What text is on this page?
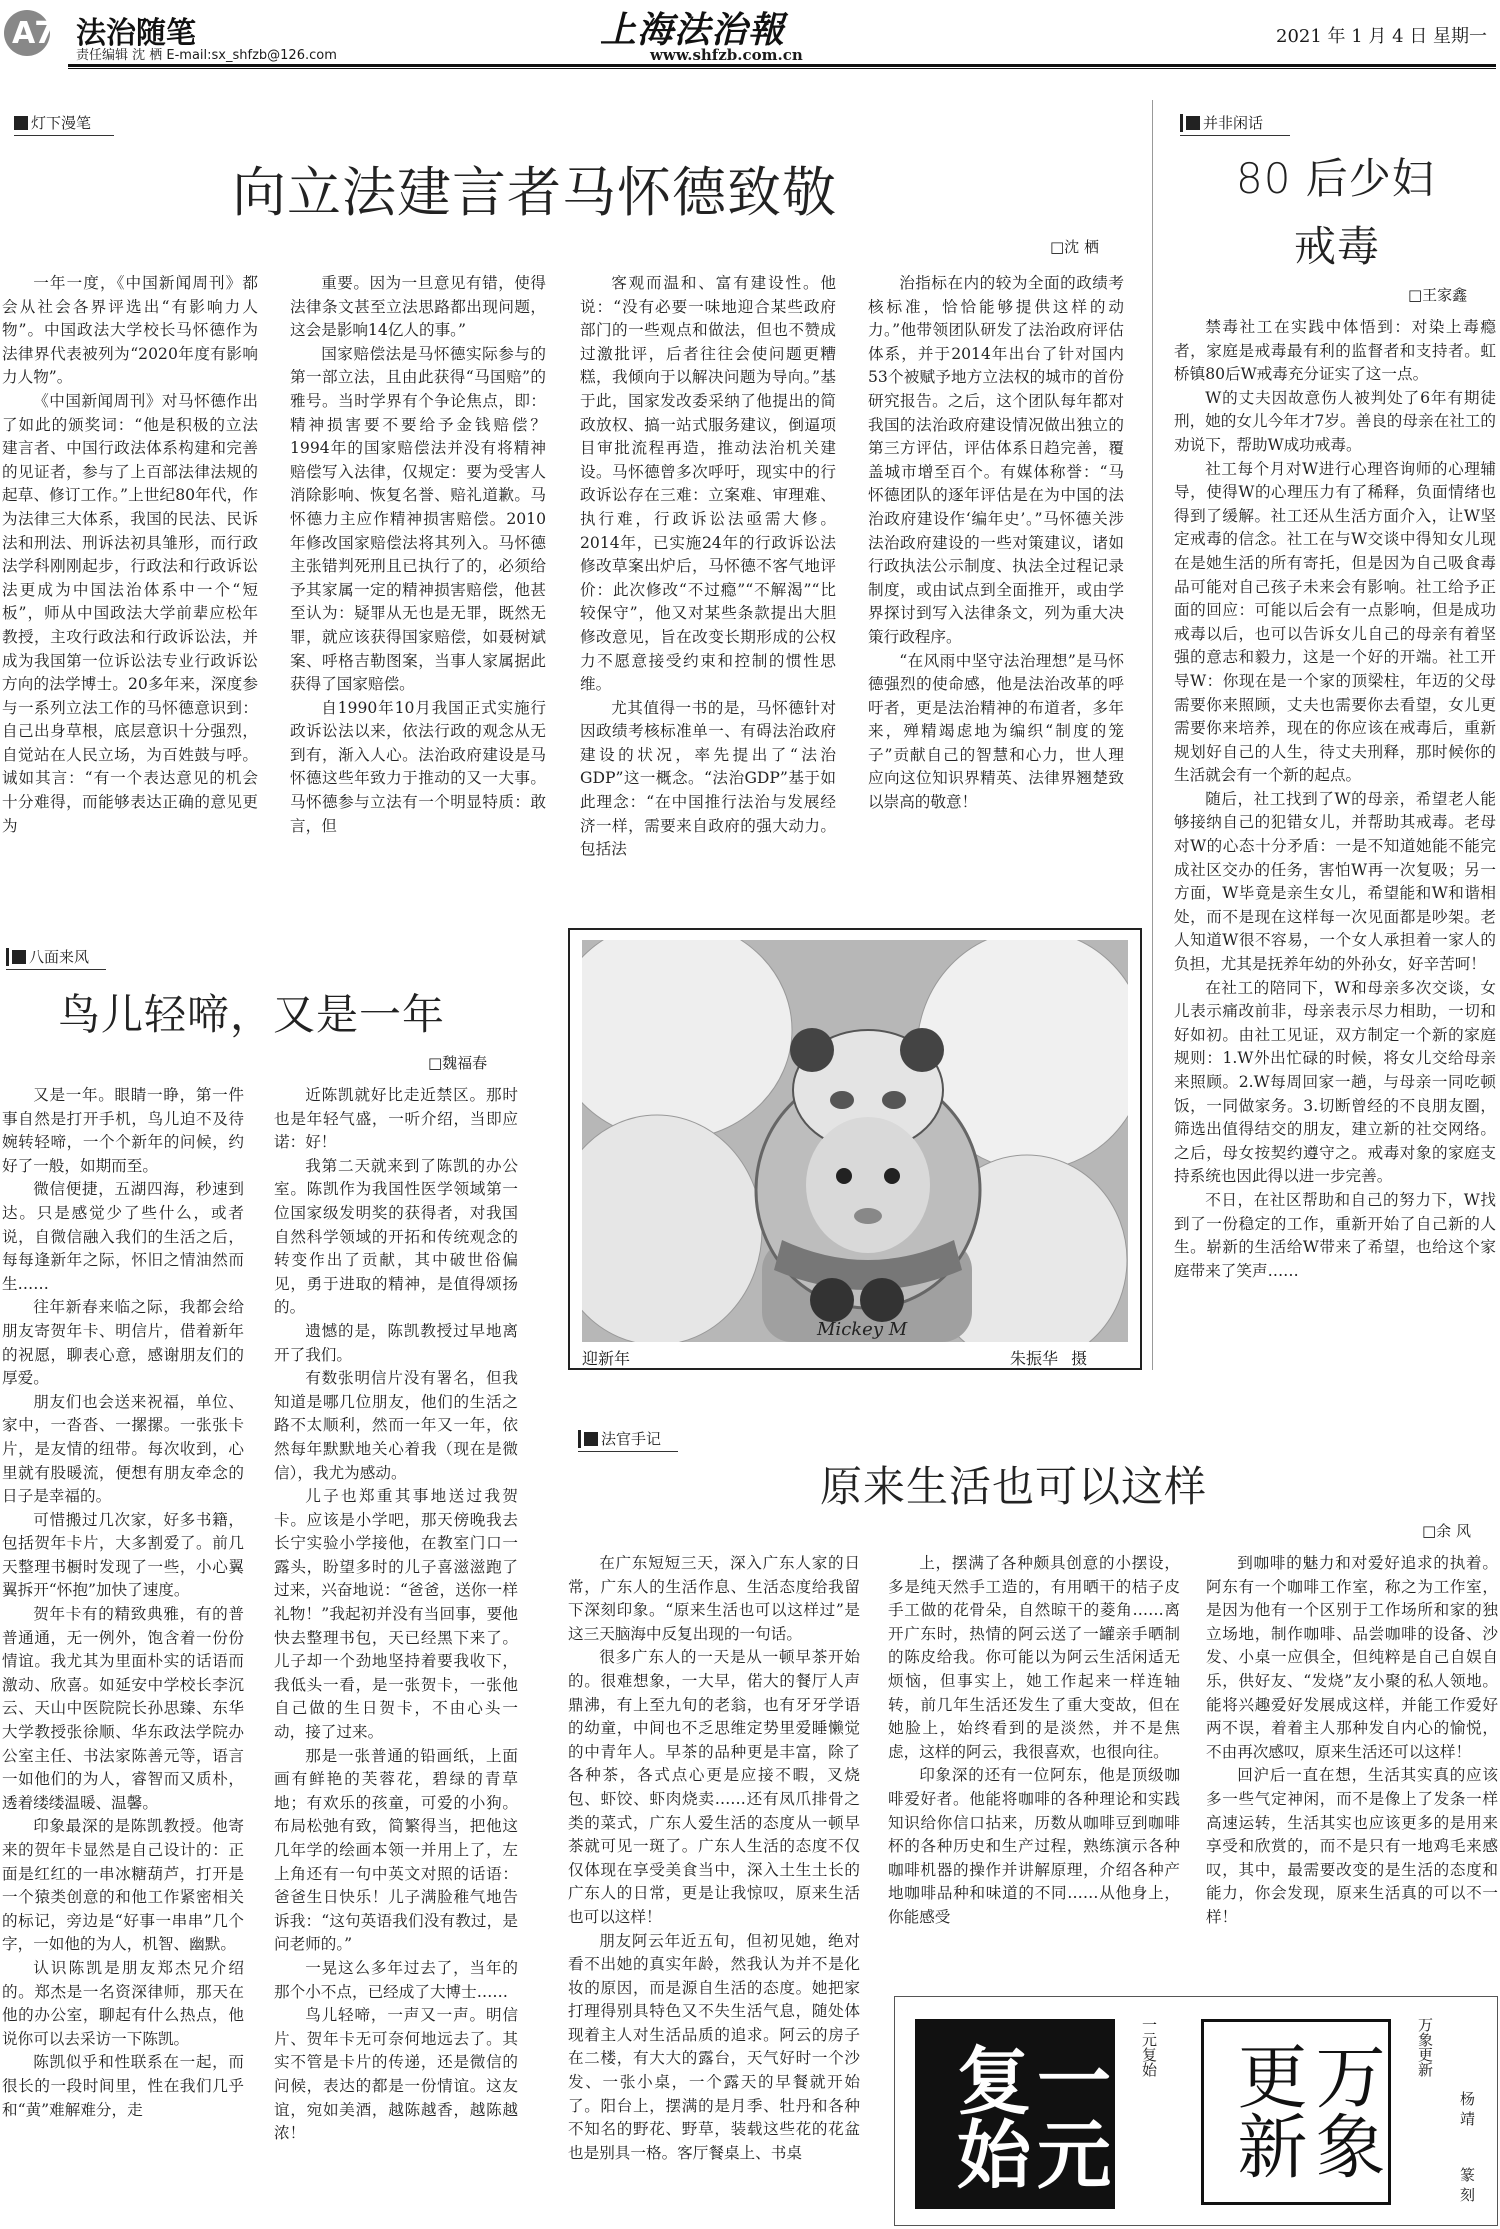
A7 法治随笔
责任编辑 沈 栖 E-mail:sx_shfzb@126.com
上海法治報
www.shfzb.com.cn
2021 年 1 月 4 日 星期一
灯下漫笔
向立法建言者马怀德致敬
□沈 栖

一年一度，《中国新闻周刊》都会从社会各界评选出“有影响力人物”。中国政法大学校长马怀德作为法律界代表被列为“2020年度有影响力人物”。

《中国新闻周刊》对马怀德作出了如此的颁奖词：“他是积极的立法建言者、中国行政法体系构建和完善的见证者，参与了上百部法律法规的起草、修订工作。”上世纪80年代，作为法律三大体系，我国的民法、民诉法和刑法、刑诉法初具雏形，而行政法学科刚刚起步，行政法和行政诉讼法更成为中国法治体系中一个“短板”，师从中国政法大学前辈应松年教授，主攻行政法和行政诉讼法，并成为我国第一位诉讼法专业行政诉讼方向的法学博士。20多年来，深度参与一系列立法工作的马怀德意识到：自己出身草根，底层意识十分强烈，自觉站在人民立场，为百姓鼓与呼。诚如其言：“有一个表达意见的机会十分难得，而能够表达正确的意见更为

重要。因为一旦意见有错，使得法律条文甚至立法思路都出现问题，这会是影响14亿人的事。”

国家赔偿法是马怀德实际参与的第一部立法，且由此获得“马国赔”的雅号。当时学界有个争论焦点，即：精神损害要不要给予金钱赔偿？1994年的国家赔偿法并没有将精神赔偿写入法律，仅规定：要为受害人消除影响、恢复名誉、赔礼道歉。马怀德力主应作精神损害赔偿。2010年修改国家赔偿法将其列入。马怀德主张错判死刑且已执行了的，必须给予其家属一定的精神损害赔偿，他甚至认为：疑罪从无也是无罪，既然无罪，就应该获得国家赔偿，如聂树斌案、呼格吉勒图案，当事人家属据此获得了国家赔偿。

自1990年10月我国正式实施行政诉讼法以来，依法行政的观念从无到有，渐入人心。法治政府建设是马怀德这些年致力于推动的又一大事。马怀德参与立法有一个明显特质：敢言，但

客观而温和、富有建设性。他说：“没有必要一味地迎合某些政府部门的一些观点和做法，但也不赞成过激批评，后者往往会使问题更糟糕，我倾向于以解决问题为导向。”基于此，国家发改委采纳了他提出的简政放权、搞一站式服务建议，倒逼项目审批流程再造，推动法治机关建设。马怀德曾多次呼吁，现实中的行政诉讼存在三难：立案难、审理难、执行难，行政诉讼法亟需大修。2014年，已实施24年的行政诉讼法修改草案出炉后，马怀德不客气地评价：此次修改“不过瘾”“不解渴”“比较保守”，他又对某些条款提出大胆修改意见，旨在改变长期形成的公权力不愿意接受约束和控制的惯性思维。

尤其值得一书的是，马怀德针对因政绩考核标准单一、有碍法治政府建设的状况，率先提出了“法治GDP”这一概念。“法治GDP”基于如此理念：“在中国推行法治与发展经济一样，需要来自政府的强大动力。包括法

治指标在内的较为全面的政绩考核标准，恰恰能够提供这样的动力。”他带领团队研发了法治政府评估体系，并于2014年出台了针对国内53个被赋予地方立法权的城市的首份研究报告。之后，这个团队每年都对我国的法治政府建设情况做出独立的第三方评估，评估体系日趋完善，覆盖城市增至百个。有媒体称誉：“马怀德团队的逐年评估是在为中国的法治政府建设作‘编年史’。”马怀德关涉法治政府建设的一些对策建议，诸如行政执法公示制度、执法全过程记录制度，或由试点到全面推开，或由学界探讨到写入法律条文，列为重大决策行政程序。

“在风雨中坚守法治理想”是马怀德强烈的使命感，他是法治改革的呼吁者，更是法治精神的布道者，多年来，殚精竭虑地为编织“制度的笼子”贡献自己的智慧和心力，世人理应向这位知识界精英、法律界翘楚致以崇高的敬意！

并非闲话
80 后少妇
戒毒
□王家鑫

禁毒社工在实践中体悟到：对染上毒瘾者，家庭是戒毒最有利的监督者和支持者。虹桥镇80后W戒毒充分证实了这一点。

W的丈夫因故意伤人被判处了6年有期徒刑，她的女儿今年才7岁。善良的母亲在社工的劝说下，帮助W成功戒毒。

社工每个月对W进行心理咨询师的心理辅导，使得W的心理压力有了稀释，负面情绪也得到了缓解。社工还从生活方面介入，让W坚定戒毒的信念。社工在与W交谈中得知女儿现在是她生活的所有寄托，但是因为自己吸食毒品可能对自己孩子未来会有影响。社工给予正面的回应：可能以后会有一点影响，但是成功戒毒以后，也可以告诉女儿自己的母亲有着坚强的意志和毅力，这是一个好的开端。社工开导W：你现在是一个家的顶梁柱，年迈的父母需要你来照顾，丈夫也需要你去看望，女儿更需要你来培养，现在的你应该在戒毒后，重新规划好自己的人生，待丈夫刑释，那时候你的生活就会有一个新的起点。

随后，社工找到了W的母亲，希望老人能够接纳自己的犯错女儿，并帮助其戒毒。老母对W的心态十分矛盾：一是不知道她能不能完成社区交办的任务，害怕W再一次复吸；另一方面，W毕竟是亲生女儿，希望能和W和谐相处，而不是现在这样每一次见面都是吵架。老人知道W很不容易，一个女人承担着一家人的负担，尤其是抚养年幼的外孙女，好辛苦呵！

在社工的陪同下，W和母亲多次交谈，女儿表示痛改前非，母亲表示尽力相助，一切和好如初。由社工见证，双方制定一个新的家庭规则：1.W外出忙碌的时候，将女儿交给母亲来照顾。2.W每周回家一趟，与母亲一同吃顿饭，一同做家务。3.切断曾经的不良朋友圈，筛选出值得结交的朋友，建立新的社交网络。之后，母女按契约遵守之。戒毒对象的家庭支持系统也因此得以进一步完善。

不日，在社区帮助和自己的努力下，W找到了一份稳定的工作，重新开始了自己新的人生。崭新的生活给W带来了希望，也给这个家庭带来了笑声……

八面来风
鸟儿轻啼，又是一年
□魏福春

又是一年。眼睛一睁，第一件事自然是打开手机，鸟儿迫不及待婉转轻啼，一个个新年的问候，约好了一般，如期而至。

微信便捷，五湖四海，秒速到达。只是感觉少了些什么，或者说，自微信融入我们的生活之后，每每逢新年之际，怀旧之情油然而生……

往年新春来临之际，我都会给朋友寄贺年卡、明信片，借着新年的祝愿，聊表心意，感谢朋友们的厚爱。

朋友们也会送来祝福，单位、家中，一沓沓、一摞摞。一张张卡片，是友情的纽带。每次收到，心里就有股暖流，便想有朋友牵念的日子是幸福的。

可惜搬过几次家，好多书籍，包括贺年卡片，大多割爱了。前几天整理书橱时发现了一些，小心翼翼拆开“怀抱”加快了速度。

贺年卡有的精致典雅，有的普普通通，无一例外，饱含着一份份情谊。我尤其为里面朴实的话语而激动、欣喜。如延安中学校长李沉云、天山中医院院长孙思臻、东华大学教授张徐顺、华东政法学院办公室主任、书法家陈善元等，语言一如他们的为人，睿智而又质朴，透着缕缕温暖、温馨。

印象最深的是陈凯教授。他寄来的贺年卡显然是自己设计的：正面是红红的一串冰糖葫芦，打开是一个猿类创意的和他工作紧密相关的标记，旁边是“好事一串串”几个字，一如他的为人，机智、幽默。

认识陈凯是朋友郑杰兄介绍的。郑杰是一名资深律师，那天在他的办公室，聊起有什么热点，他说你可以去采访一下陈凯。

陈凯似乎和性联系在一起，而很长的一段时间里，性在我们几乎和“黄”难解难分，走

近陈凯就好比走近禁区。那时也是年轻气盛，一听介绍，当即应诺：好！

我第二天就来到了陈凯的办公室。陈凯作为我国性医学领域第一位国家级发明奖的获得者，对我国自然科学领域的开拓和传统观念的转变作出了贡献，其中破世俗偏见，勇于进取的精神，是值得颂扬的。

遗憾的是，陈凯教授过早地离开了我们。

有数张明信片没有署名，但我知道是哪几位朋友，他们的生活之路不太顺利，然而一年又一年，依然每年默默地关心着我（现在是微信），我尤为感动。

儿子也郑重其事地送过我贺卡。应该是小学吧，那天傍晚我去长宁实验小学接他，在教室门口一露头，盼望多时的儿子喜滋滋跑了过来，兴奋地说：“爸爸，送你一样礼物！”我起初并没有当回事，要他快去整理书包，天已经黑下来了。儿子却一个劲地坚持着要我收下，我低头一看，是一张贺卡，一张他自己做的生日贺卡，不由心头一动，接了过来。

那是一张普通的铅画纸，上面画有鲜艳的芙蓉花，碧绿的青草地；有欢乐的孩童，可爱的小狗。布局松弛有致，简繁得当，把他这几年学的绘画本领一并用上了，左上角还有一句中英文对照的话语：爸爸生日快乐！儿子满脸稚气地告诉我：“这句英语我们没有教过，是问老师的。”

一晃这么多年过去了，当年的那个小不点，已经成了大博士……

鸟儿轻啼，一声又一声。明信片、贺年卡无可奈何地远去了。其实不管是卡片的传递，还是微信的问候，表达的都是一份情谊。这友谊，宛如美酒，越陈越香，越陈越浓！

Mickey M
迎新年	朱振华 摄
法官手记
原来生活也可以这样
□余 风

在广东短短三天，深入广东人家的日常，广东人的生活作息、生活态度给我留下深刻印象。“原来生活也可以这样过”是这三天脑海中反复出现的一句话。

很多广东人的一天是从一顿早茶开始的。很难想象，一大早，偌大的餐厅人声鼎沸，有上至九旬的老翁，也有牙牙学语的幼童，中间也不乏思维定势里爱睡懒觉的中青年人。早茶的品种更是丰富，除了各种茶，各式点心更是应接不暇，叉烧包、虾饺、虾肉烧卖……还有凤爪排骨之类的菜式，广东人爱生活的态度从一顿早茶就可见一斑了。广东人生活的态度不仅仅体现在享受美食当中，深入土生土长的广东人的日常，更是让我惊叹，原来生活也可以这样！

朋友阿云年近五旬，但初见她，绝对看不出她的真实年龄，然我认为并不是化妆的原因，而是源自生活的态度。她把家打理得别具特色又不失生活气息，随处体现着主人对生活品质的追求。阿云的房子在二楼，有大大的露台，天气好时一个沙发、一张小桌，一个露天的早餐就开始了。阳台上，摆满的是月季、牡丹和各种不知名的野花、野草，装载这些花的花盆也是别具一格。客厅餐桌上、书桌

上，摆满了各种颇具创意的小摆设，多是纯天然手工造的，有用晒干的桔子皮手工做的花骨朵，自然晾干的菱角……离开广东时，热情的阿云送了一罐亲手晒制的陈皮给我。你可能以为阿云生活闲适无烦恼，但事实上，她工作起来一样连轴转，前几年生活还发生了重大变故，但在她脸上，始终看到的是淡然，并不是焦虑，这样的阿云，我很喜欢，也很向往。

印象深的还有一位阿东，他是顶级咖啡爱好者。他能将咖啡的各种理论和实践知识给你信口拈来，历数从咖啡豆到咖啡杯的各种历史和生产过程，熟练演示各种咖啡机器的操作并讲解原理，介绍各种产地咖啡品种和味道的不同……从他身上，你能感受

到咖啡的魅力和对爱好追求的执着。阿东有一个咖啡工作室，称之为工作室，是因为他有一个区别于工作场所和家的独立场地，制作咖啡、品尝咖啡的设备、沙发、小桌一应俱全，但纯粹是自己自娱自乐，供好友、“发烧”友小聚的私人领地。能将兴趣爱好发展成这样，并能工作爱好两不误，着着主人那种发自内心的愉悦，不由再次感叹，原来生活还可以这样！

回沪后一直在想，生活其实真的应该多一些气定神闲，而不是像上了发条一样高速运转，生活其实也应该更多的是用来享受和欣赏的，而不是只有一地鸡毛来感叹，其中，最需要改变的是生活的态度和能力，你会发现，原来生活真的可以不一样！

一元复始	一元复始	万象更新	万象更新
杨 靖
篆 刻
